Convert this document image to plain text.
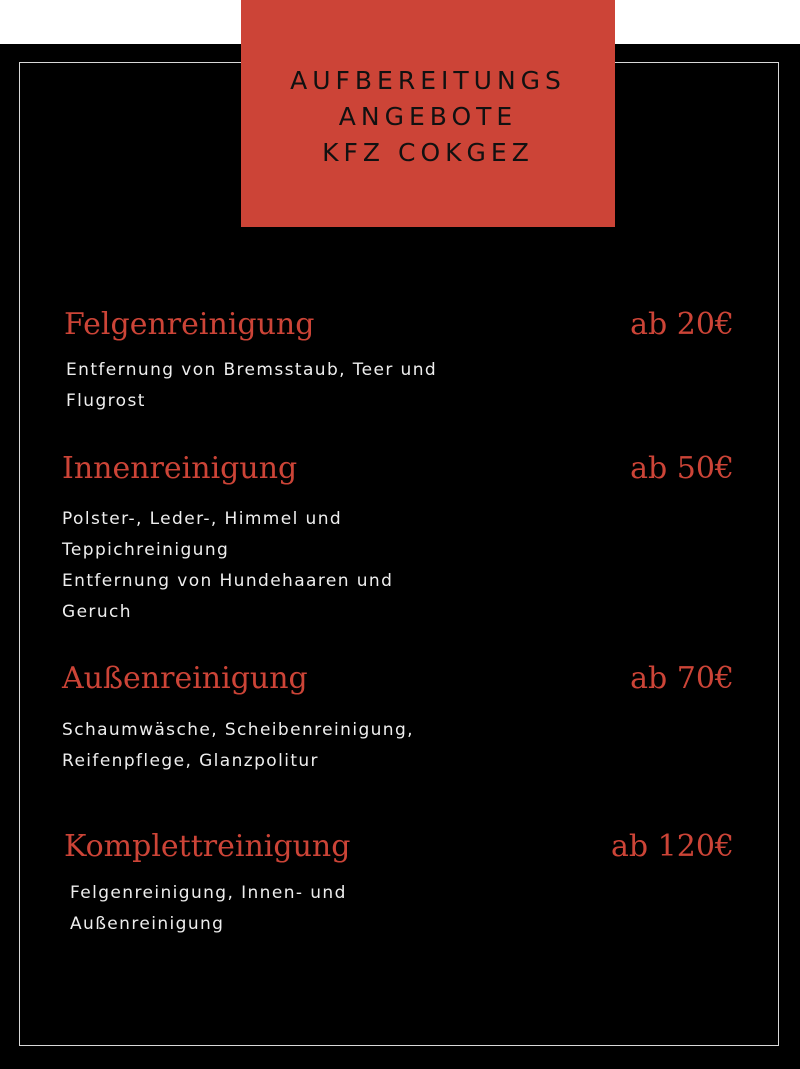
AUFBEREITUNGS
ANGEBOTE
KFZ COKGEZ
Felgenreinigung	ab 20€
Entfernung von Bremsstaub, Teer und
Flugrost
Innenreinigung	ab 50€
Polster-, Leder-, Himmel und
Teppichreinigung
Entfernung von Hundehaaren und
Geruch
Außenreinigung	ab 70€
Schaumwäsche, Scheibenreinigung,
Reifenpflege, Glanzpolitur
Komplettreinigung	ab 120€
Felgenreinigung, Innen- und
Außenreinigung
